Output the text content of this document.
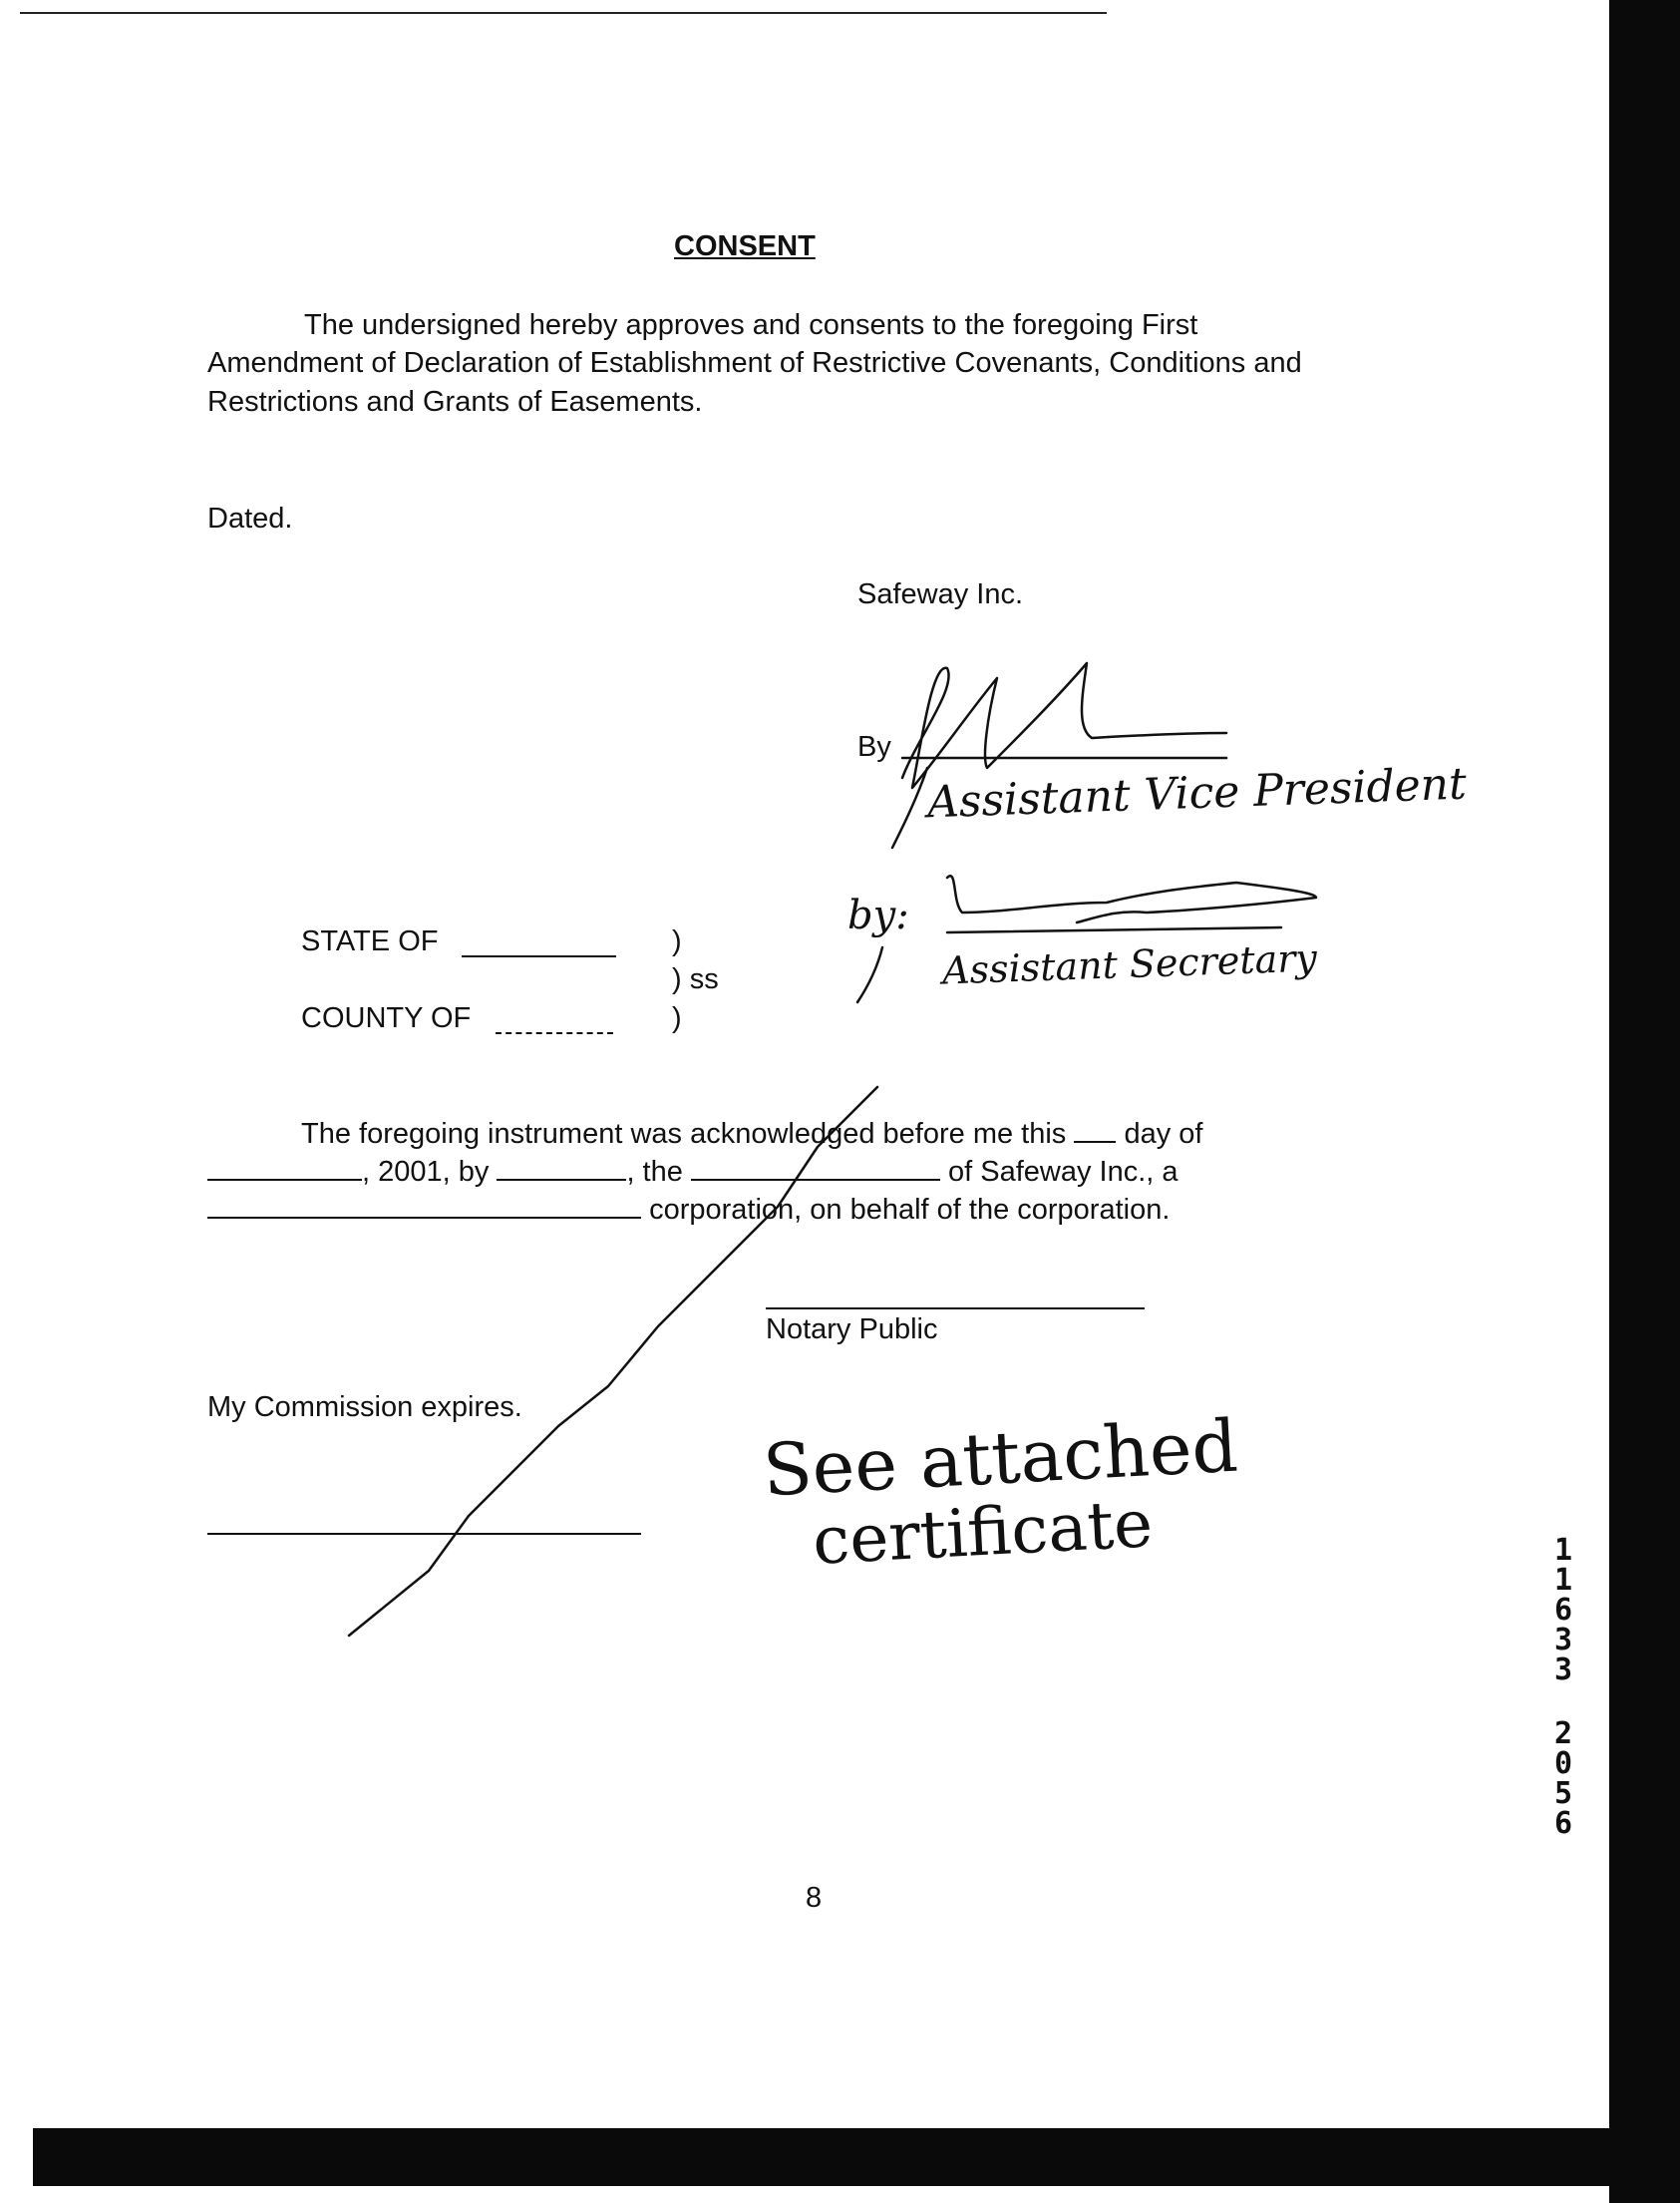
CONSENT
The undersigned hereby approves and consents to the foregoing First
Amendment of Declaration of Establishment of Restrictive Covenants, Conditions and
Restrictions and Grants of Easements.
Dated.
Safeway Inc.
By
Assistant Vice President
by:
Assistant Secretary
STATE OF	)
) ss
COUNTY OF	)
The foregoing instrument was acknowledged before me this day of
, 2001, by	, the	of Safeway Inc., a
corporation, on behalf of the corporation.
Notary Public
My Commission expires.	See attached
certificate
8
1
1
6
3
3
2
0
5
6
